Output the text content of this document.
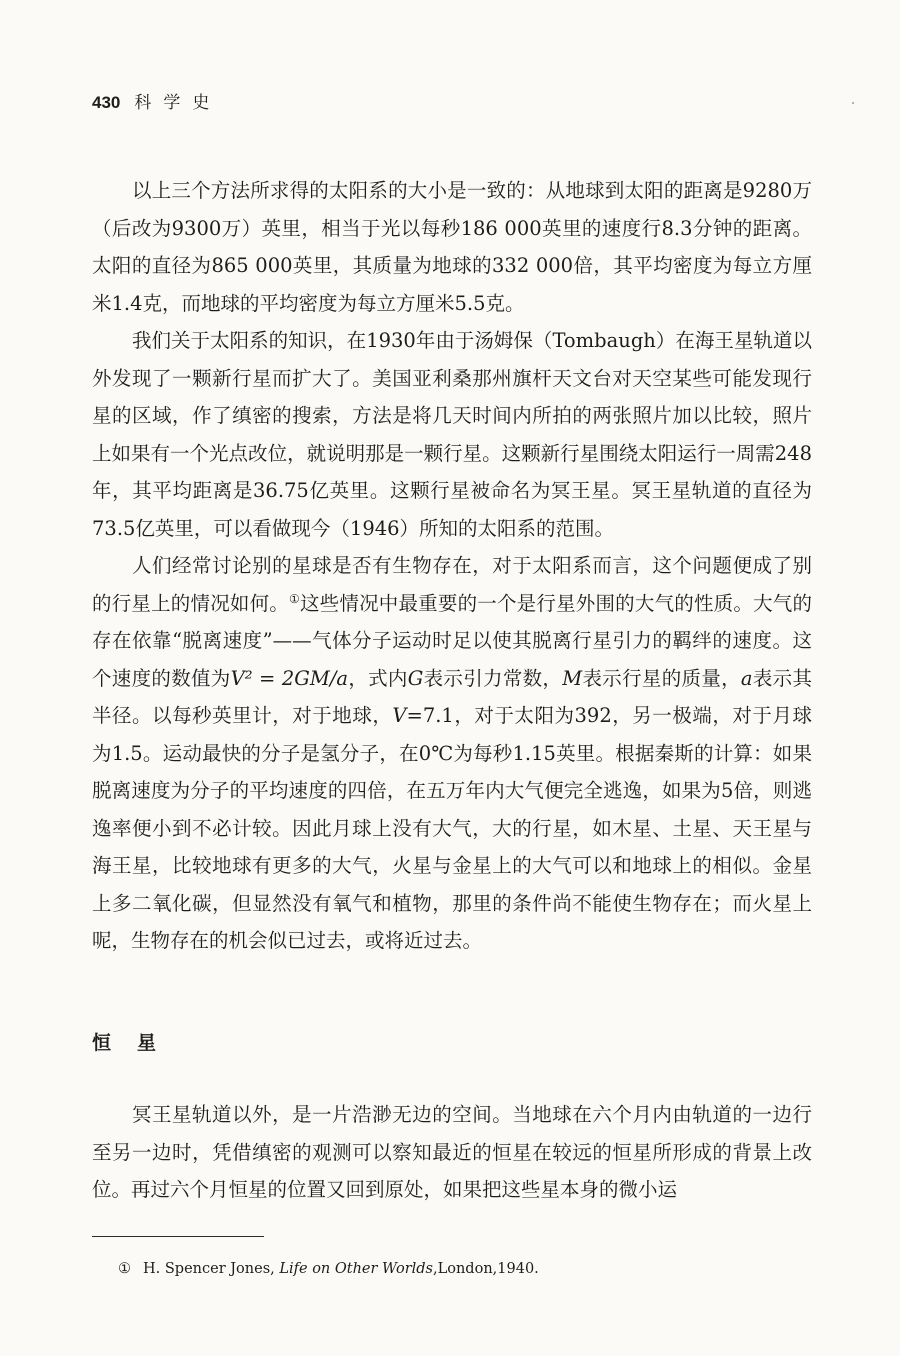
430 科学史

以上三个方法所求得的太阳系的大小是一致的：从地球到太阳的距离是9280万（后改为9300万）英里，相当于光以每秒186 000英里的速度行8.3分钟的距离。太阳的直径为865 000英里，其质量为地球的332 000倍，其平均密度为每立方厘米1.4克，而地球的平均密度为每立方厘米5.5克。

我们关于太阳系的知识，在1930年由于汤姆保（Tombaugh）在海王星轨道以外发现了一颗新行星而扩大了。美国亚利桑那州旗杆天文台对天空某些可能发现行星的区域，作了缜密的搜索，方法是将几天时间内所拍的两张照片加以比较，照片上如果有一个光点改位，就说明那是一颗行星。这颗新行星围绕太阳运行一周需248年，其平均距离是36.75亿英里。这颗行星被命名为冥王星。冥王星轨道的直径为73.5亿英里，可以看做现今（1946）所知的太阳系的范围。

人们经常讨论别的星球是否有生物存在，对于太阳系而言，这个问题便成了别的行星上的情况如何。①这些情况中最重要的一个是行星外围的大气的性质。大气的存在依靠“脱离速度”——气体分子运动时足以使其脱离行星引力的羁绊的速度。这个速度的数值为V² = 2GM/a，式内G表示引力常数，M表示行星的质量，a表示其半径。以每秒英里计，对于地球，V=7.1，对于太阳为392，另一极端，对于月球为1.5。运动最快的分子是氢分子，在0℃为每秒1.15英里。根据秦斯的计算：如果脱离速度为分子的平均速度的四倍，在五万年内大气便完全逃逸，如果为5倍，则逃逸率便小到不必计较。因此月球上没有大气，大的行星，如木星、土星、天王星与海王星，比较地球有更多的大气，火星与金星上的大气可以和地球上的相似。金星上多二氧化碳，但显然没有氧气和植物，那里的条件尚不能使生物存在；而火星上呢，生物存在的机会似已过去，或将近过去。

恒星

冥王星轨道以外，是一片浩渺无边的空间。当地球在六个月内由轨道的一边行至另一边时，凭借缜密的观测可以察知最近的恒星在较远的恒星所形成的背景上改位。再过六个月恒星的位置又回到原处，如果把这些星本身的微小运

① H. Spencer Jones, Life on Other Worlds,London,1940.
